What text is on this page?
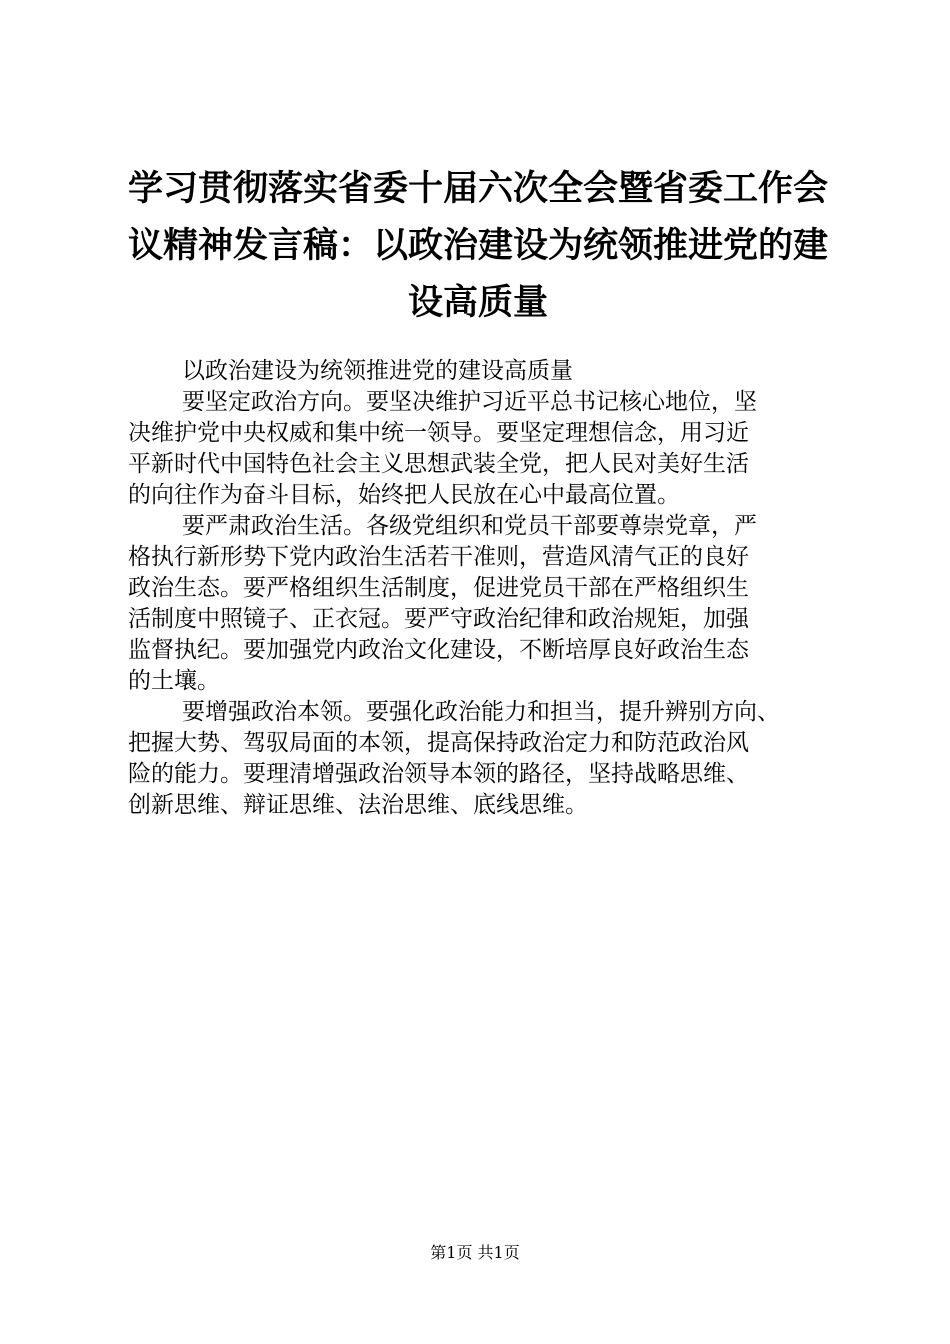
学习贯彻落实省委十届六次全会暨省委工作会
议精神发言稿：以政治建设为统领推进党的建
设高质量

以政治建设为统领推进党的建设高质量

要坚定政治方向。要坚决维护习近平总书记核心地位，坚
决维护党中央权威和集中统一领导。要坚定理想信念，用习近
平新时代中国特色社会主义思想武装全党，把人民对美好生活
的向往作为奋斗目标，始终把人民放在心中最高位置。

要严肃政治生活。各级党组织和党员干部要尊崇党章，严
格执行新形势下党内政治生活若干准则，营造风清气正的良好
政治生态。要严格组织生活制度，促进党员干部在严格组织生
活制度中照镜子、正衣冠。要严守政治纪律和政治规矩，加强
监督执纪。要加强党内政治文化建设，不断培厚良好政治生态
的土壤。

要增强政治本领。要强化政治能力和担当，提升辨别方向、
把握大势、驾驭局面的本领，提高保持政治定力和防范政治风
险的能力。要理清增强政治领导本领的路径，坚持战略思维、
创新思维、辩证思维、法治思维、底线思维。

第1页 共1页
